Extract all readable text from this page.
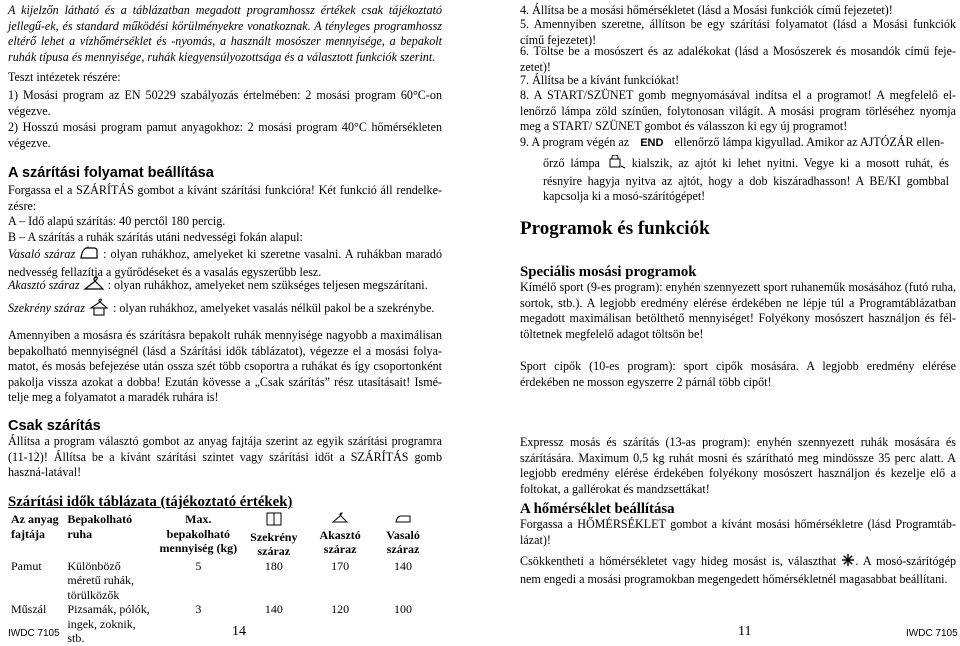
A kijelzőn látható és a táblázatban megadott programhossz értékek csak tájékoztató jellegű-ek, és standard működési körülményekre vonatkoznak. A tényleges programhossz eltérő lehet a vízhőmérséklet és -nyomás, a használt mosószer mennyisége, a bepakolt ruhák típusa és mennyisége, ruhák kiegyensúlyozottsága és a választott funkciók szerint.

Teszt intézetek részére:

1) Mosási program az EN 50229 szabályozás értelmében: 2 mosási program 60°C-on végezve.

2) Hosszú mosási program pamut anyagokhoz: 2 mosási program 40°C hőmérsékleten végezve.

A szárítási folyamat beállítása

Forgassa el a SZÁRÍTÁS gombot a kívánt szárítási funkcióra! Két funkció áll rendelke-zésre:

A – Idő alapú szárítás: 40 perctől 180 percig.

B – A szárítás a ruhák szárítás utáni nedvességi fokán alapul:

Vasaló száraz : olyan ruhákhoz, amelyeket ki szeretne vasalni. A ruhákban maradó nedvesség fellazítja a gyűrődéseket és a vasalás egyszerűbb lesz.
Akasztó száraz : olyan ruhákhoz, amelyeket nem szükséges teljesen megszárítani.
Szekrény száraz : olyan ruhákhoz, amelyeket vasalás nélkül pakol be a szekrénybe.

Amennyiben a mosásra és szárításra bepakolt ruhák mennyisége nagyobb a maximálisan bepakolható mennyiségnél (lásd a Szárítási idők táblázatot), végezze el a mosási folya-matot, és mosás befejezése után ossza szét több csoportra a ruhákat és így csoportonként pakolja vissza azokat a dobba! Ezután kövesse a „Csak szárítás” rész utasításait! Ismé-telje meg a folyamatot a maradék ruhára is!

Csak szárítás

Állítsa a program választó gombot az anyag fajtája szerint az egyik szárítási programra (11-12)! Állítsa be a kívánt szárítási szintet vagy szárítási időt a SZÁRÍTÁS gomb haszná-latával!

Szárítási idők táblázata (tájékoztató értékek)

Az anyag fajtája	Bepakolható ruha	Max. bepakolható mennyiség (kg)	Szekrény száraz	Akasztó száraz	Vasaló száraz
Pamut	Különböző méretű ruhák, törülközők	5	180	170	140
Műszál	Pizsamák, pólók, ingek, zoknik, stb.	3	140	120	100
IWDC 7105	14

4. Állítsa be a mosási hőmérsékletet (lásd a Mosási funkciók című fejezetet)!

5. Amennyiben szeretne, állítson be egy szárítási folyamatot (lásd a Mosási funkciók című fejezetet)!

6. Töltse be a mosószert és az adalékokat (lásd a Mosószerek és mosandók című feje-zetet)!

7. Állítsa be a kívánt funkciókat!

8. A START/SZÜNET gomb megnyomásával indítsa el a programot! A megfelelő el-lenőrző lámpa zöld színűen, folytonosan világít. A mosási program törléséhez nyomja meg a START/ SZÜNET gombot és válasszon ki egy új programot!

9. A program végén az END ellenőrző lámpa kigyullad. Amikor az AJTÓZÁR ellen-
őrző lámpa	kialszik, az ajtót ki lehet nyitni. Vegye ki a mosott ruhát, és résnyire hagyja nyitva az ajtót, hogy a dob kiszáradhasson! A BE/KI gombbal kapcsolja ki a mosó-szárítógépet!

Programok és funkciók

Speciális mosási programok

Kímélő sport (9-es program): enyhén szennyezett sport ruhaneműk mosásához (futó ruha, sortok, stb.). A legjobb eredmény elérése érdekében ne lépje túl a Programtáblázatban megadott maximálisan betölthető mennyiséget! Folyékony mosószert használjon és fél-töltetnek megfelelő adagot töltsön be!

Sport cipők (10-es program): sport cipők mosására. A legjobb eredmény elérése érdekében ne mosson egyszerre 2 párnál több cipőt!

Expressz mosás és szárítás (13-as program): enyhén szennyezett ruhák mosására és szárítására. Maximum 0,5 kg ruhát mosni és szárítható meg mindössze 35 perc alatt. A legjobb eredmény elérése érdekében folyékony mosószert használjon és kezelje elő a foltokat, a gallérokat és mandzsettákat!

A hőmérséklet beállítása

Forgassa a HŐMÉRSÉKLET gombot a kívánt mosási hőmérsékletre (lásd Programtáb-lázat)!

Csökkentheti a hőmérsékletet vagy hideg mosást is, választhat . A mosó-szárítógép nem engedi a mosási programokban megengedett hőmérsékletnél magasabbat beállítani.
11	IWDC 7105
